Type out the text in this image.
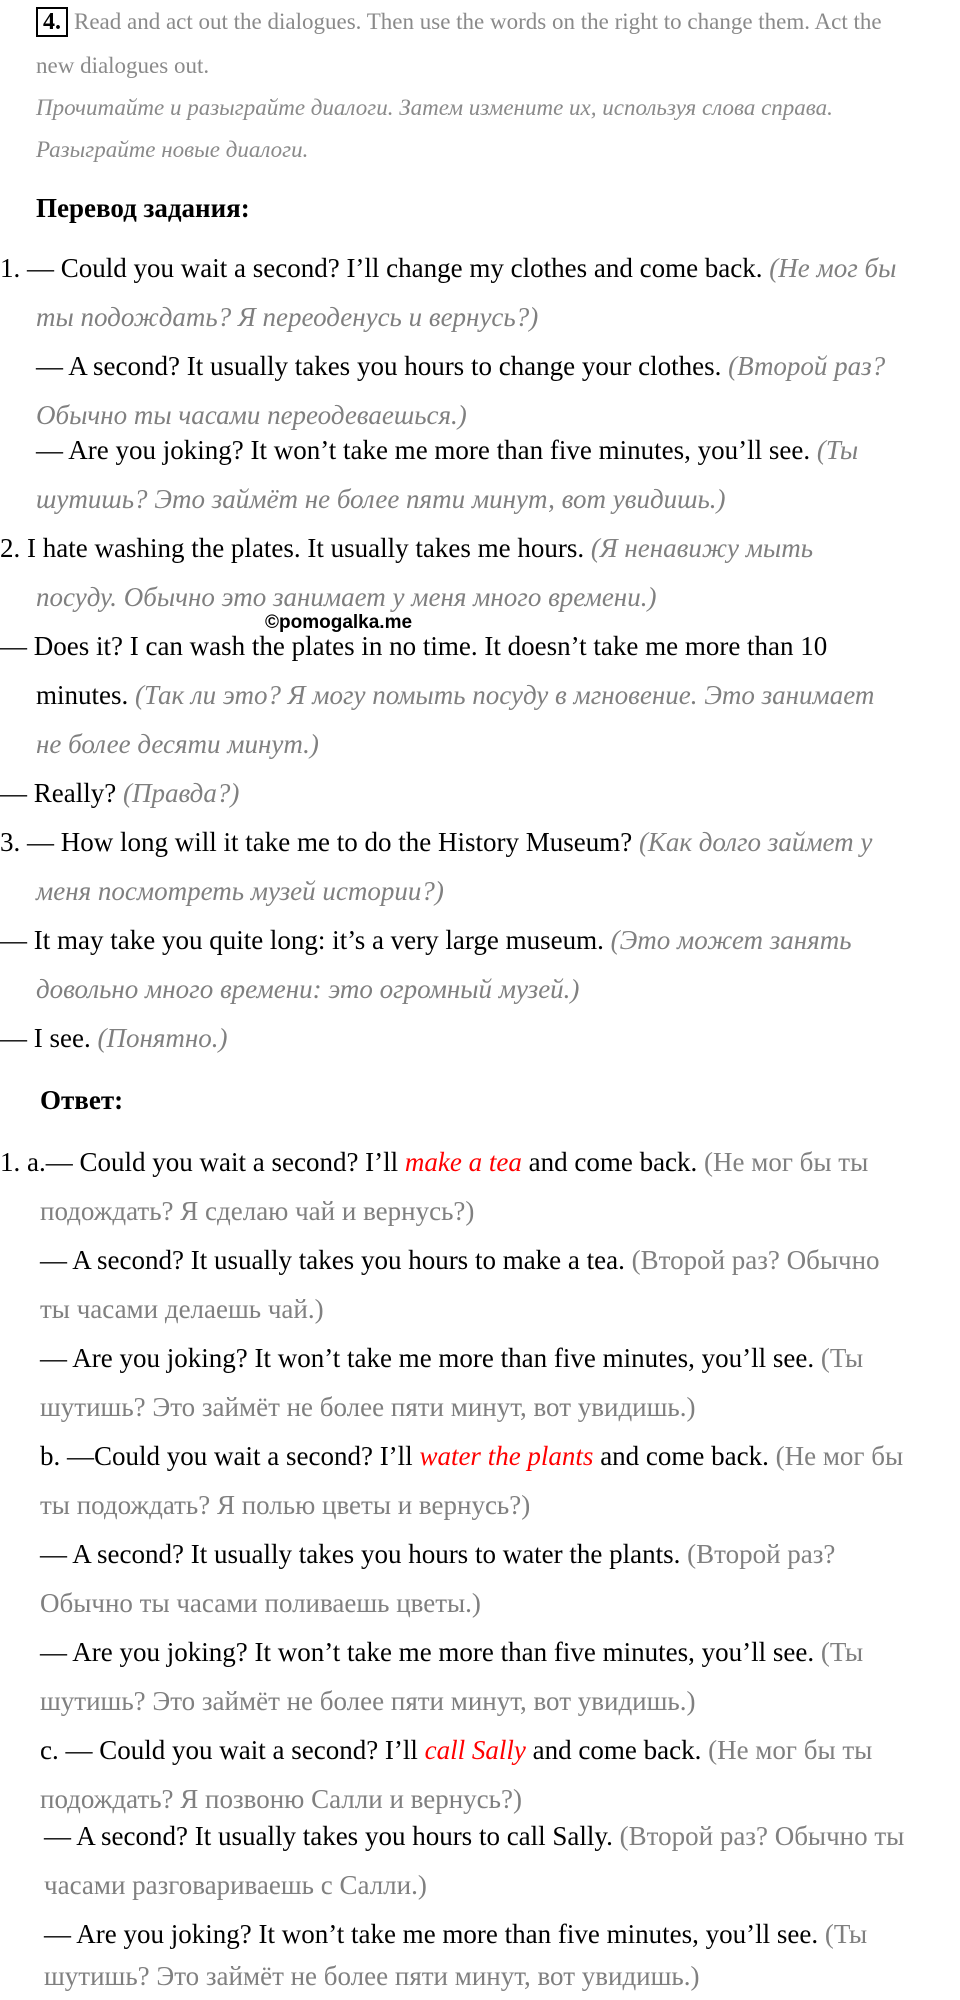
4. Read and act out the dialogues. Then use the words on the right to change them. Act the
new dialogues out.
Прочитайте и разыграйте диалоги. Затем измените их, используя слова справа.
Разыграйте новые диалоги.
Перевод задания:
1. — Could you wait a second? I’ll change my clothes and come back. (Не мог бы
ты подождать? Я переоденусь и вернусь?)
— A second? It usually takes you hours to change your clothes. (Второй раз?
Обычно ты часами переодеваешься.)
— Are you joking? It won’t take me more than five minutes, you’ll see. (Ты
шутишь? Это займёт не более пяти минут, вот увидишь.)
2. I hate washing the plates. It usually takes me hours. (Я ненавижу мыть
посуду. Обычно это занимает у меня много времени.)
— Does it? I can wash the plates in no time. It doesn’t take me more than 10
minutes. (Так ли это? Я могу помыть посуду в мгновение. Это занимает
не более десяти минут.)
— Really? (Правда?)
3. — How long will it take me to do the History Museum? (Как долго займет у
меня посмотреть музей истории?)
— It may take you quite long: it’s a very large museum. (Это может занять
довольно много времени: это огромный музей.)
— I see. (Понятно.)
©pomogalka.me
Ответ:
1. a.— Could you wait a second? I’ll make a tea and come back. (Не мог бы ты
подождать? Я сделаю чай и вернусь?)
— A second? It usually takes you hours to make a tea. (Второй раз? Обычно
ты часами делаешь чай.)
— Are you joking? It won’t take me more than five minutes, you’ll see. (Ты
шутишь? Это займёт не более пяти минут, вот увидишь.)
b. —Could you wait a second? I’ll water the plants and come back. (Не мог бы
ты подождать? Я полью цветы и вернусь?)
— A second? It usually takes you hours to water the plants. (Второй раз?
Обычно ты часами поливаешь цветы.)
— Are you joking? It won’t take me more than five minutes, you’ll see. (Ты
шутишь? Это займёт не более пяти минут, вот увидишь.)
c. — Could you wait a second? I’ll call Sally and come back. (Не мог бы ты
подождать? Я позвоню Салли и вернусь?)
— A second? It usually takes you hours to call Sally. (Второй раз? Обычно ты
часами разговариваешь с Салли.)
— Are you joking? It won’t take me more than five minutes, you’ll see. (Ты
шутишь? Это займёт не более пяти минут, вот увидишь.)
